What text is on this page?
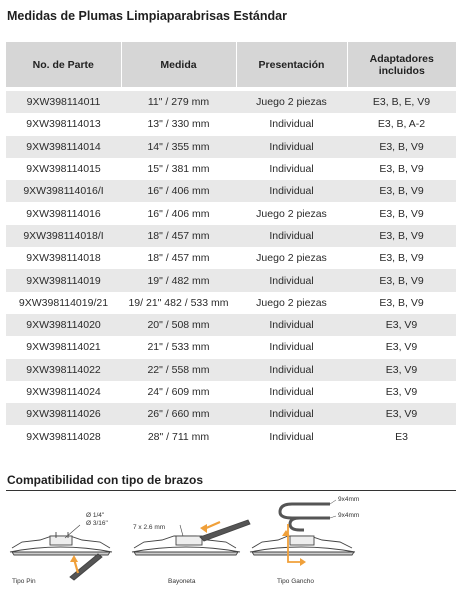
Medidas de Plumas Limpiaparabrisas Estándar
No. de Parte	Medida	Presentación	Adaptadores incluidos

9XW398114011	11" / 279 mm	Juego 2 piezas	E3, B, E, V9
9XW398114013	13" / 330 mm	Individual	E3, B, A-2
9XW398114014	14" / 355 mm	Individual	E3, B, V9
9XW398114015	15" / 381 mm	Individual	E3, B, V9
9XW398114016/I	16" / 406 mm	Individual	E3, B, V9
9XW398114016	16" / 406 mm	Juego 2 piezas	E3, B, V9
9XW398114018/I	18" / 457 mm	Individual	E3, B, V9
9XW398114018	18" / 457 mm	Juego 2 piezas	E3, B, V9
9XW398114019	19" / 482 mm	Individual	E3, B, V9
9XW398114019/21	19/ 21" 482 / 533 mm	Juego 2 piezas	E3, B, V9
9XW398114020	20" / 508 mm	Individual	E3, V9
9XW398114021	21" / 533 mm	Individual	E3, V9
9XW398114022	22" / 558 mm	Individual	E3, V9
9XW398114024	24" / 609 mm	Individual	E3, V9
9XW398114026	26" / 660 mm	Individual	E3, V9
9XW398114028	28" / 711 mm	Individual	E3
Compatibilidad con tipo de brazos
Ø 1/4"
Ø 3/16"
7 x 2.6 mm
9x4mm
9x4mm
Tipo Pin	Bayoneta	Tipo Gancho
